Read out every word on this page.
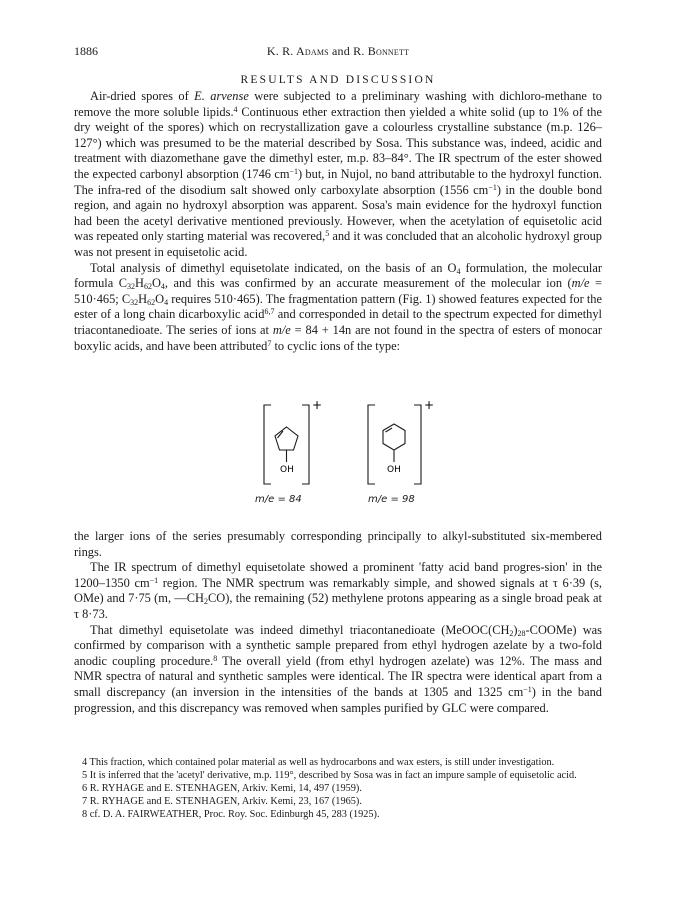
1886	K. R. Adams and R. Bonnett
RESULTS AND DISCUSSION

Air-dried spores of E. arvense were subjected to a preliminary washing with dichloro-methane to remove the more soluble lipids.$^4$ Continuous ether extraction then yielded a white solid (up to 1% of the dry weight of the spores) which on recrystallization gave a colourless crystalline substance (m.p. 126–127°) which was presumed to be the material described by Sosa. This substance was, indeed, acidic and treatment with diazomethane gave the dimethyl ester, m.p. 83–84°. The IR spectrum of the ester showed the expected carbonyl absorption (1746 $cm^{-1}$) but, in Nujol, no band attributable to the hydroxyl function. The infra-red of the disodium salt showed only carboxylate absorption (1556 $cm^{-1}$) in the double bond region, and again no hydroxyl absorption was apparent. Sosa's main evidence for the hydroxyl function had been the acetyl derivative mentioned previously. However, when the acetylation of equisetolic acid was repeated only starting material was recovered,$^5$ and it was concluded that an alcoholic hydroxyl group was not present in equisetolic acid.

Total analysis of dimethyl equisetolate indicated, on the basis of an $O_4$ formulation, the molecular formula $C_{32}H_{62}O_4$, and this was confirmed by an accurate measurement of the molecular ion (m/e = 510·465; $C_{32}H_{62}O_4$ requires 510·465). The fragmentation pattern (Fig. 1) showed features expected for the ester of a long chain dicarboxylic acid$^{6,7}$ and corresponded in detail to the spectrum expected for dimethyl triacontanedioate. The series of ions at m/e = 84 + 14n are not found in the spectra of esters of monocar boxylic acids, and have been attributed$^7$ to cyclic ions of the type:

+	+
OH	OH
m/e = 84	m/e = 98

the larger ions of the series presumably corresponding principally to alkyl-substituted six-membered rings.

The IR spectrum of dimethyl equisetolate showed a prominent 'fatty acid band progres-sion' in the 1200–1350 $cm^{-1}$ region. The NMR spectrum was remarkably simple, and showed signals at τ 6·39 (s, OMe) and 7·75 (m, $—CH_2CO$), the remaining (52) methylene protons appearing as a single broad peak at τ 8·73.

That dimethyl equisetolate was indeed dimethyl triacontanedioate $(MeOOC(CH_2)_{28}-COOMe)$ was confirmed by comparison with a synthetic sample prepared from ethyl hydrogen azelate by a two-fold anodic coupling procedure.$^8$ The overall yield (from ethyl hydrogen azelate) was 12%. The mass and NMR spectra of natural and synthetic samples were identical. The IR spectra were identical apart from a small discrepancy (an inversion in the intensities of the bands at 1305 and 1325 $cm^{-1}$) in the band progression, and this discrepancy was removed when samples purified by GLC were compared.

4 This fraction, which contained polar material as well as hydrocarbons and wax esters, is still under investigation.

5 It is inferred that the 'acetyl' derivative, m.p. 119°, described by Sosa was in fact an impure sample of equisetolic acid.

6 R. RYHAGE and E. STENHAGEN, Arkiv. Kemi, 14, 497 (1959).

7 R. RYHAGE and E. STENHAGEN, Arkiv. Kemi, 23, 167 (1965).

8 cf. D. A. FAIRWEATHER, Proc. Roy. Soc. Edinburgh 45, 283 (1925).
